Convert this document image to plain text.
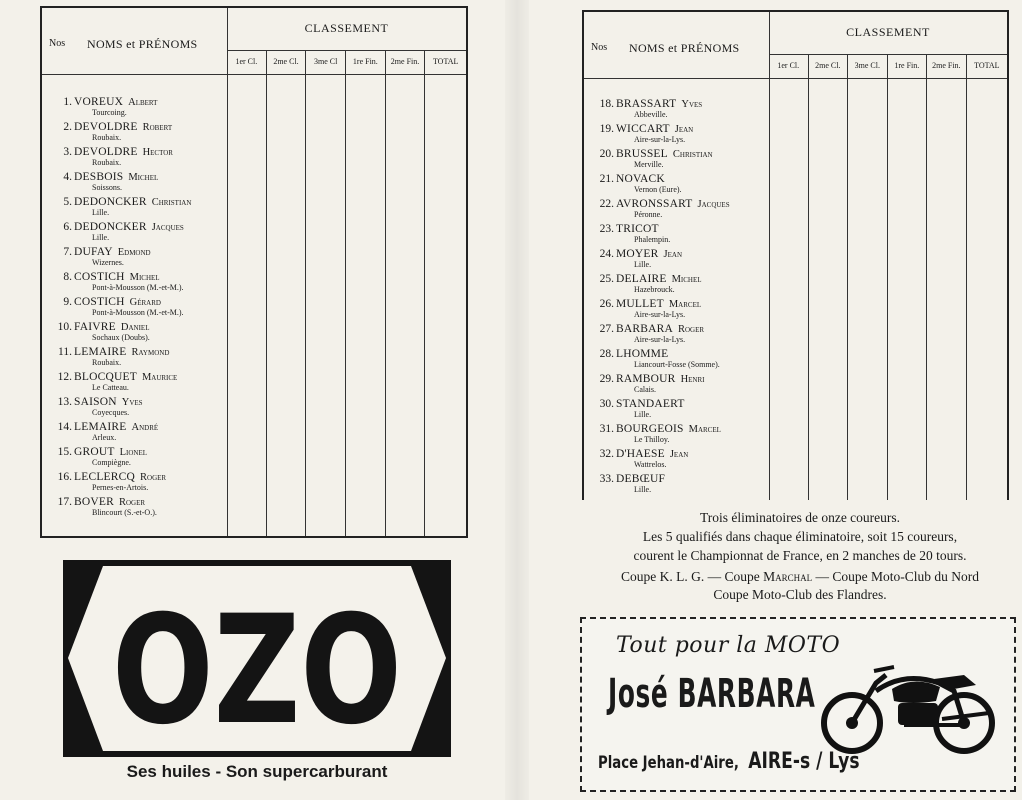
Nos NOMS et PRÉNOMS
CLASSEMENT
1er Cl.	2me Cl.	3me Cl	1re Fin.	2me Fin.	TOTAL
1. VOREUX Albert
Tourcoing.
2. DEVOLDRE Robert
Roubaix.
3. DEVOLDRE Hector
Roubaix.
4. DESBOIS Michel
Soissons.
5. DEDONCKER Christian
Lille.
6. DEDONCKER Jacques
Lille.
7. DUFAY Edmond
Wizernes.
8. COSTICH Michel
Pont-à-Mousson (M.-et-M.).
9. COSTICH Gérard
Pont-à-Mousson (M.-et-M.).
10. FAIVRE Daniel
Sochaux (Doubs).
11. LEMAIRE Raymond
Roubaix.
12. BLOCQUET Maurice
Le Catteau.
13. SAISON Yves
Coyecques.
14. LEMAIRE André
Arleux.
15. GROUT Lionel
Compiègne.
16. LECLERCQ Roger
Pernes-en-Artois.
17. BOVER Roger
Blincourt (S.-et-O.).
Nos NOMS et PRÉNOMS
CLASSEMENT
1er Cl.	2me Cl.	3me Cl.	1re Fin.	2me Fin.	TOTAL
18. BRASSART Yves
Abbeville.
19. WICCART Jean
Aire-sur-la-Lys.
20. BRUSSEL Christian
Merville.
21. NOVACK
Vernon (Eure).
22. AVRONSSART Jacques
Péronne.
23. TRICOT
Phalempin.
24. MOYER Jean
Lille.
25. DELAIRE Michel
Hazebrouck.
26. MULLET Marcel
Aire-sur-la-Lys.
27. BARBARA Roger
Aire-sur-la-Lys.
28. LHOMME
Liancourt-Fosse (Somme).
29. RAMBOUR Henri
Calais.
30. STANDAERT
Lille.
31. BOURGEOIS Marcel
Le Thilloy.
32. D'HAESE Jean
Wattrelos.
33. DEBŒUF
Lille.
OZO
Ses huiles - Son supercarburant

Trois éliminatoires de onze coureurs.

Les 5 qualifiés dans chaque éliminatoire, soit 15 coureurs,

courent le Championnat de France, en 2 manches de 20 tours.

Coupe K. L. G. — Coupe Marchal — Coupe Moto-Club du Nord

Coupe Moto-Club des Flandres.

Tout pour la MOTO
José BARBARA
Place Jehan-d'Aire, AIRE-s / Lys
